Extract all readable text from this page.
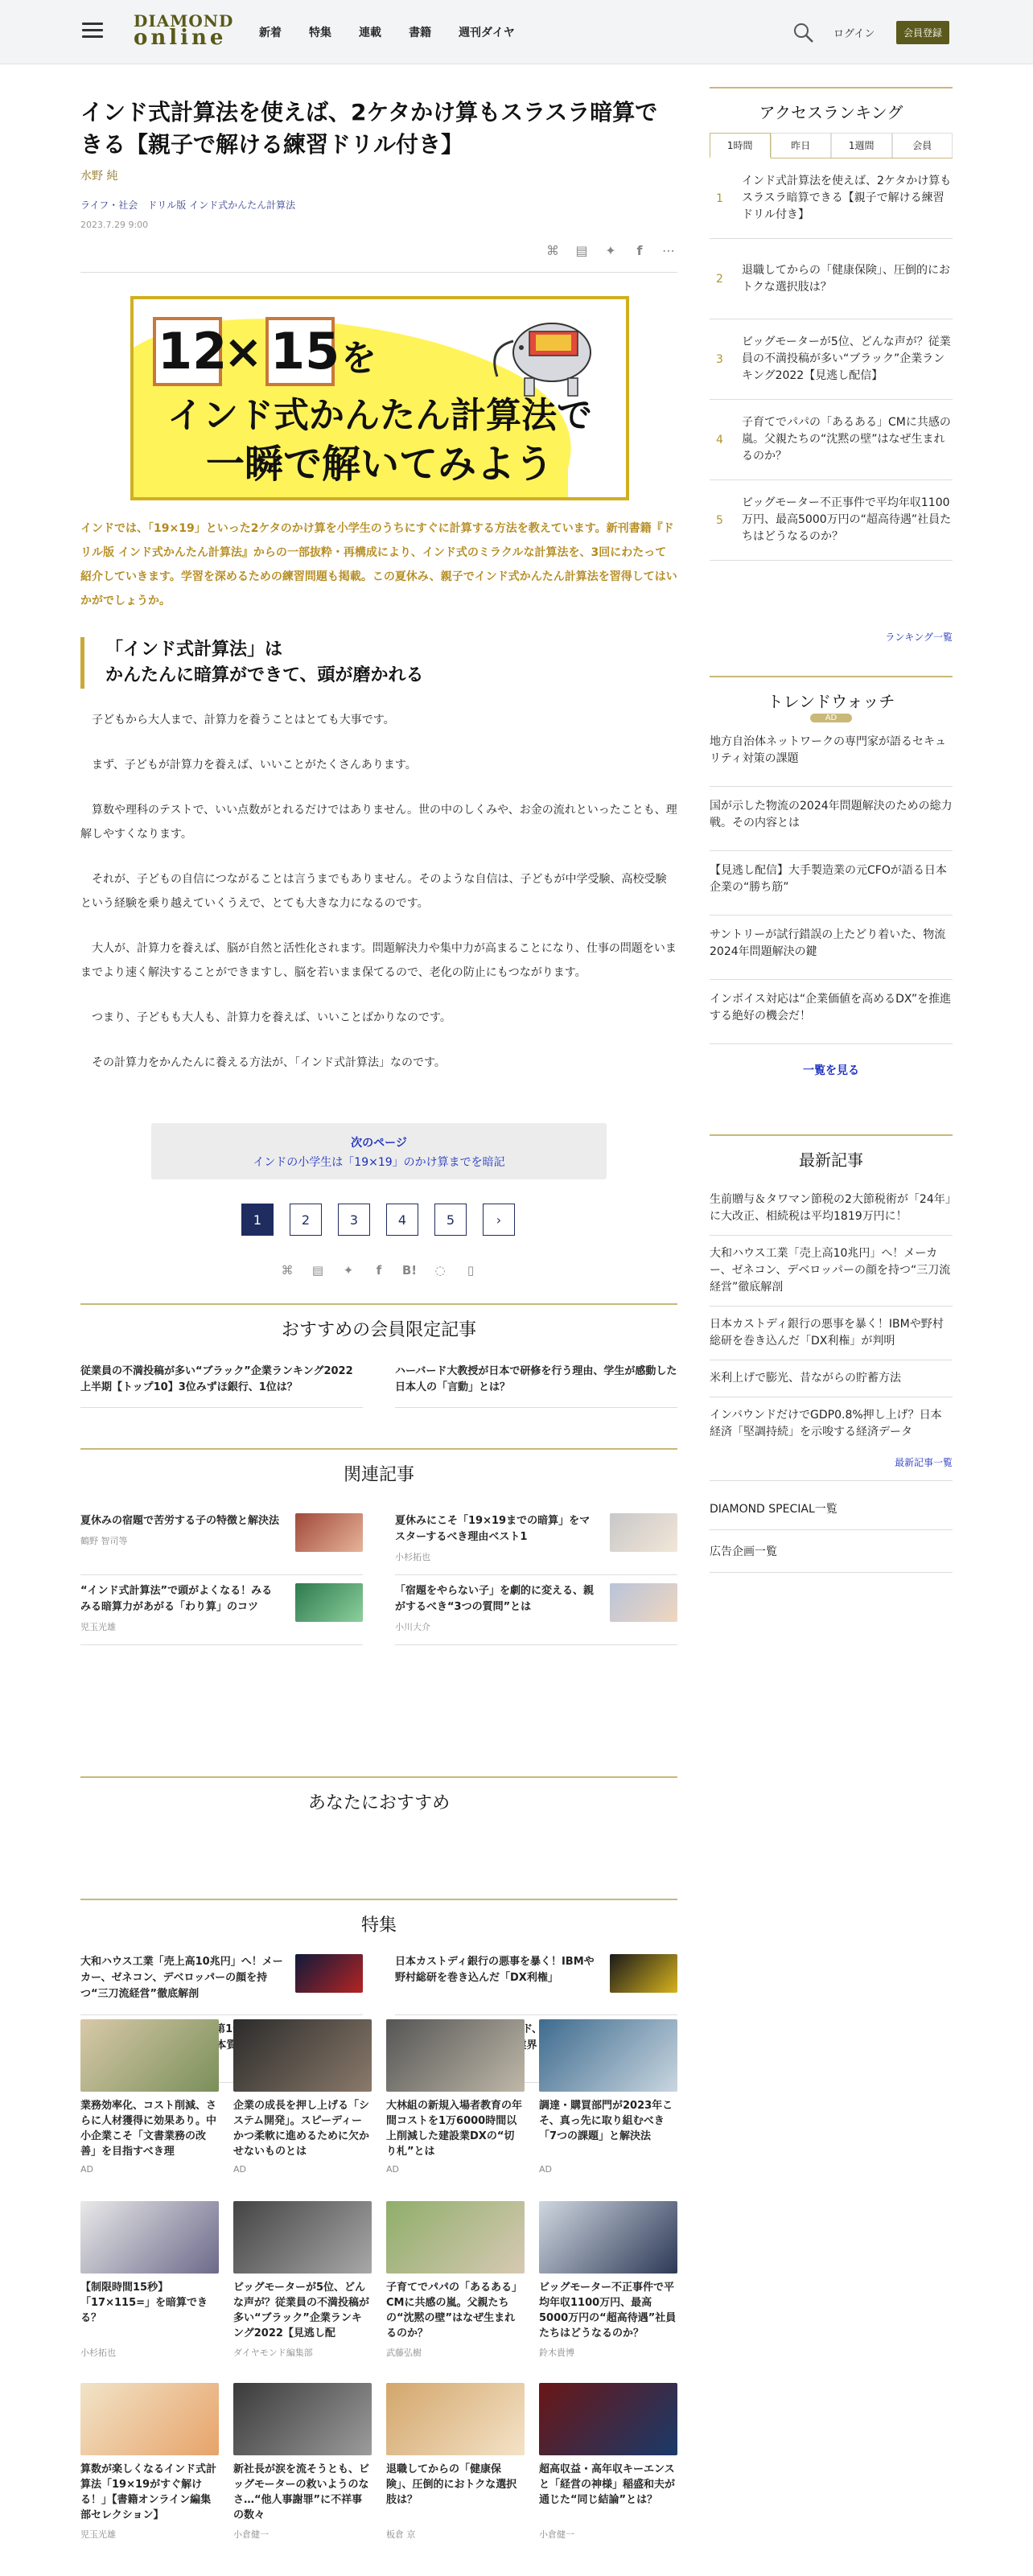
DIAMOND
online	新着 特集 連載 書籍 週刊ダイヤ	ログイン	会員登録
インド式計算法を使えば、2ケタかけ算もスラスラ暗算できる【親子で解ける練習ドリル付き】
水野 純
ライフ・社会 ドリル版 インド式かんたん計算法
2023.7.29 9:00
⌘ ▤ ✦	f	⋯
12
× 15 を
インド式かんたん計算法で
一瞬で解いてみよう
インドでは、「19×19」といった2ケタのかけ算を小学生のうちにすぐに計算する方法を教えています。新刊書籍『ドリル版 インド式かんたん計算法』からの一部抜粋・再構成により、インド式のミラクルな計算法を、3回にわたって紹介していきます。学習を深めるための練習問題も掲載。この夏休み、親子でインド式かんたん計算法を習得してはいかがでしょうか。
「インド式計算法」は
かんたんに暗算ができて、頭が磨かれる

子どもから大人まで、計算力を養うことはとても大事です。

まず、子どもが計算力を養えば、いいことがたくさんあります。

算数や理科のテストで、いい点数がとれるだけではありません。世の中のしくみや、お金の流れといったことも、理解しやすくなります。

それが、子どもの自信につながることは言うまでもありません。そのような自信は、子どもが中学受験、高校受験という経験を乗り越えていくうえで、とても大きな力になるのです。

大人が、計算力を養えば、脳が自然と活性化されます。問題解決力や集中力が高まることになり、仕事の問題をいままでより速く解決することができますし、脳を若いまま保てるので、老化の防止にもつながります。

つまり、子どもも大人も、計算力を養えば、いいことばかりなのです。

その計算力をかんたんに養える方法が、「インド式計算法」なのです。

次のページ
インドの小学生は「19×19」のかけ算までを暗記
1	2	3	4	5	›
⌘ ▤	✦	f	B! ◌	▯
おすすめの会員限定記事
従業員の不満投稿が多い“ブラック”企業ランキング2022上半期【トップ10】3位みずほ銀行、1位は？
ハーバード大教授が日本で研修を行う理由、学生が感動した日本人の「言動」とは？
関連記事
夏休みの宿題で苦労する子の特徴と解決法
鶴野 智司等
夏休みにこそ「19×19までの暗算」をマスターするべき理由ベスト1
小杉拓也
“インド式計算法”で頭がよくなる！みるみる暗算力があがる「わり算」のコツ
児玉光雄
「宿題をやらない子」を劇的に変える、親がするべき“3つの質問”とは
小川大介
あなたにおすすめ
特集
大和ハウス工業「売上高10兆円」へ！メーカー、ゼネコン、デベロッパーの顔を持つ“三刀流経営”徹底解剖
日本カストディ銀行の悪事を暴く！IBMや野村総研を巻き込んだ「DX利権」
業務効率化、コスト削減、さらに人材獲得に効果あり。中小企業こそ「文書業務の改善」を目指すべき理
AD
企業の成長を押し上げる「システム開発」。スピーディーかつ柔軟に進めるために欠かせないものとは
AD
大林組の新規入場者教育の年間コストを1万6000時間以上削減した建設業DXの“切り札”とは
AD
調達・購買部門が2023年こそ、真っ先に取り組むべき「7つの課題」と解決法
AD
【制限時間15秒】「17×115=」を暗算できる？
小杉拓也
ビッグモーターが5位、どんな声が？従業員の不満投稿が多い“ブラック”企業ランキング2022【見逃し配
ダイヤモンド編集部
子育てでパパの「あるある」CMに共感の嵐。父親たちの“沈黙の壁”はなぜ生まれるのか？
武藤弘樹
ビッグモーター不正事件で平均年収1100万円、最高5000万円の“超高待遇”社員たちはどうなるのか？
鈴木貴博
算数が楽しくなるインド式計算法「19×19がすぐ解ける！」【書籍オンライン編集部セレクション】
児玉光雄
新社長が涙を流そうとも、ビッグモーターの救いようのなさ…“他人事謝罪”に不祥事の数々
小倉健一
退職してからの「健康保険」、圧倒的におトクな選択肢は？
板倉 京
超高収益・高年収キーエンスと「経営の神様」稲盛和夫が通じた“同じ結論”とは？
小倉健一
アクセスランキング
1時間	昨日	1週間	会員
1
インド式計算法を使えば、2ケタかけ算もスラスラ暗算できる【親子で解ける練習ドリル付き】
2
退職してからの「健康保険」、圧倒的におトクな選択肢は？
3
ビッグモーターが5位、どんな声が？従業員の不満投稿が多い“ブラック”企業ランキング2022【見逃し配信】
4
子育てでパパの「あるある」CMに共感の嵐。父親たちの“沈黙の壁”はなぜ生まれるのか？
5
ビッグモーター不正事件で平均年収1100万円、最高5000万円の“超高待遇”社員たちはどうなるのか？
ランキング一覧
トレンドウォッチ
AD
地方自治体ネットワークの専門家が語るセキュリティ対策の課題
国が示した物流の2024年問題解決のための総力戦。その内容とは
【見逃し配信】大手製造業の元CFOが語る日本企業の“勝ち筋”
サントリーが試行錯誤の上たどり着いた、物流2024年問題解決の鍵
インボイス対応は“企業価値を高めるDX”を推進する絶好の機会だ！
一覧を見る
最新記事
生前贈与＆タワマン節税の2大節税術が「24年」に大改正、相続税は平均1819万円に！
大和ハウス工業「売上高10兆円」へ！メーカー、ゼネコン、デベロッパーの顔を持つ“三刀流経営”徹底解剖
日本カストディ銀行の悪事を暴く！IBMや野村総研を巻き込んだ「DX利権」が判明
米利上げで膨光、昔ながらの貯蓄方法
インバウンドだけでGDP0.8%押し上げ？日本経済「堅調持続」を示唆する経済データ
最新記事一覧
DIAMOND SPECIAL一覧
広告企画一覧
